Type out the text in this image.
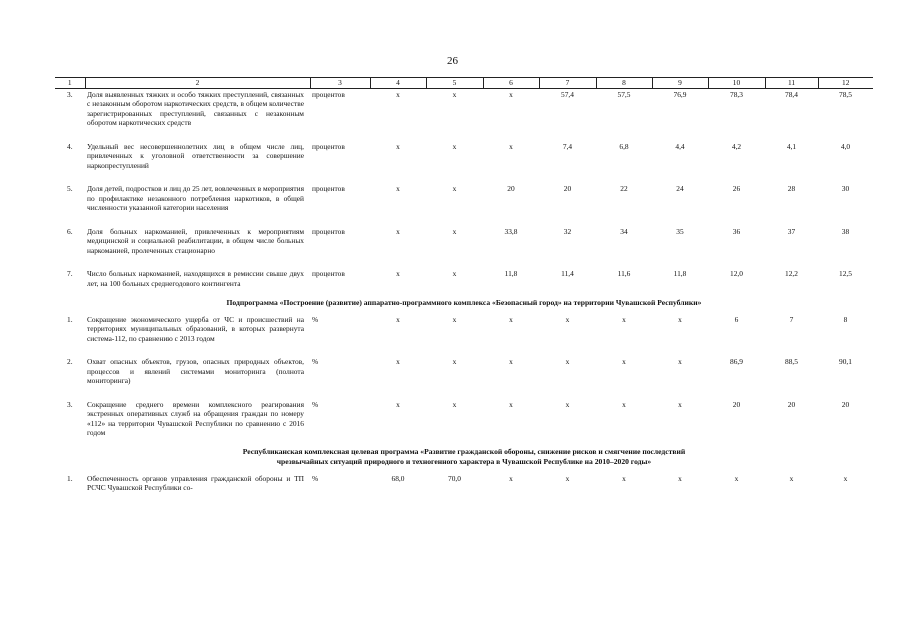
26
1	2	3	4	5	6	7	8	9	10	11	12
3.	Доля выявленных тяжких и особо тяжких преступлений, связанных с незаконным оборотом наркотических средств, в общем количестве зарегистрированных преступлений, связанных с незаконным оборотом наркотических средств	процентов	х	х	х	57,4	57,5	76,9	78,3	78,4	78,5

4.	Удельный вес несовершеннолетних лиц в общем числе лиц, привлеченных к уголовной ответственности за совершение наркопреступлений	процентов	х	х	х	7,4	6,8	4,4	4,2	4,1	4,0

5.	Доля детей, подростков и лиц до 25 лет, вовлеченных в мероприятия по профилактике незаконного потребления наркотиков, в общей численности указанной категории населения	процентов	х	х	20	20	22	24	26	28	30

6.	Доля больных наркоманией, привлеченных к мероприятиям медицинской и социальной реабилитации, в общем числе больных наркоманией, пролеченных стационарно	процентов	х	х	33,8	32	34	35	36	37	38

7.	Число больных наркоманией, находящихся в ремиссии свыше двух лет, на 100 больных среднегодового контингента	процентов	х	х	11,8	11,4	11,6	11,8	12,0	12,2	12,5

Подпрограмма «Построение (развитие) аппаратно-программного комплекса «Безопасный город» на территории Чувашской Республики»											
1.	Сокращение экономического ущерба от ЧС и происшествий на территориях муниципальных образований, в которых развернута система-112, по сравнению с 2013 годом	%	х	х	х	х	х	х	6	7	8

2.	Охват опасных объектов, грузов, опасных природных объектов, процессов и явлений системами мониторинга (полнота мониторинга)	%	х	х	х	х	х	х	86,9	88,5	90,1

3.	Сокращение среднего времени комплексного реагирования экстренных оперативных служб на обращения граждан по номеру «112» на территории Чувашской Республики по сравнению с 2016 годом	%	х	х	х	х	х	х	20	20	20

Республиканская комплексная целевая программа «Развитие гражданской обороны, снижение рисков и смягчение последствий
чрезвычайных ситуаций природного и техногенного характера в Чувашской Республике на 2010–2020 годы»											
1.	Обеспеченность органов управления гражданской обороны и ТП РСЧС Чувашской Республики со-	%	68,0	70,0	х	х	х	х	х	х	х
